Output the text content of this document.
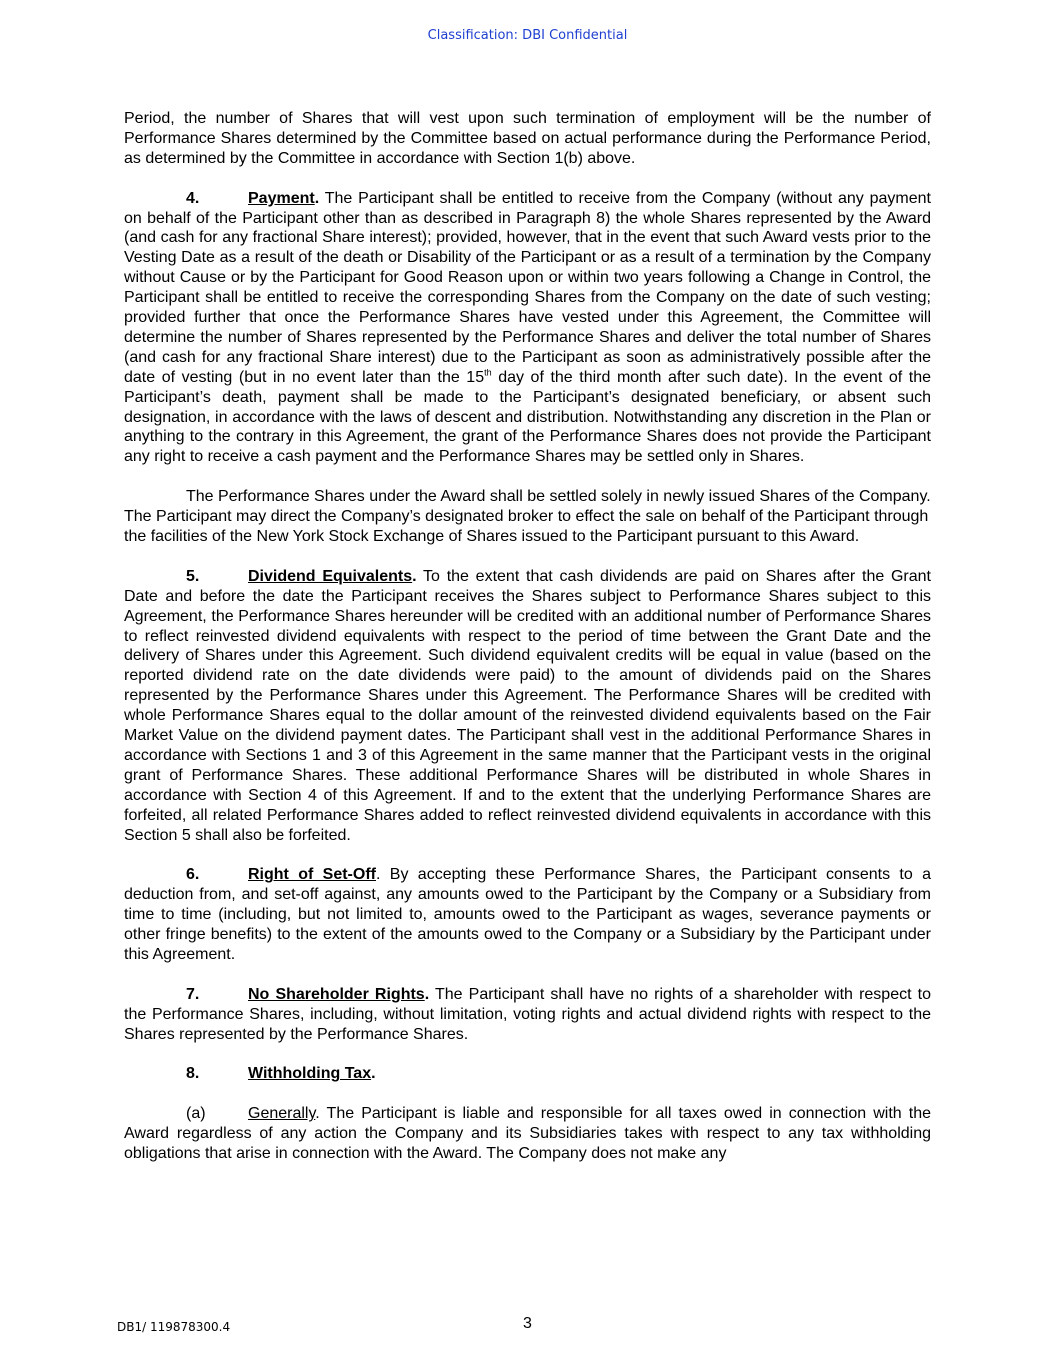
Classification: DBI Confidential

Period, the number of Shares that will vest upon such termination of employment will be the number of Performance Shares determined by the Committee based on actual performance during the Performance Period, as determined by the Committee in accordance with Section 1(b) above.

4.	Payment. The Participant shall be entitled to receive from the Company (without any payment on behalf of the Participant other than as described in Paragraph 8) the whole Shares represented by the Award (and cash for any fractional Share interest); provided, however, that in the event that such Award vests prior to the Vesting Date as a result of the death or Disability of the Participant or as a result of a termination by the Company without Cause or by the Participant for Good Reason upon or within two years following a Change in Control, the Participant shall be entitled to receive the corresponding Shares from the Company on the date of such vesting; provided further that once the Performance Shares have vested under this Agreement, the Committee will determine the number of Shares represented by the Performance Shares and deliver the total number of Shares (and cash for any fractional Share interest) due to the Participant as soon as administratively possible after the date of vesting (but in no event later than the 15th day of the third month after such date). In the event of the Participant’s death, payment shall be made to the Participant’s designated beneficiary, or absent such designation, in accordance with the laws of descent and distribution. Notwithstanding any discretion in the Plan or anything to the contrary in this Agreement, the grant of the Performance Shares does not provide the Participant any right to receive a cash payment and the Performance Shares may be settled only in Shares.

The Performance Shares under the Award shall be settled solely in newly issued Shares of the Company. The Participant may direct the Company’s designated broker to effect the sale on behalf of the Participant through the facilities of the New York Stock Exchange of Shares issued to the Participant pursuant to this Award.

5.	Dividend Equivalents. To the extent that cash dividends are paid on Shares after the Grant Date and before the date the Participant receives the Shares subject to Performance Shares subject to this Agreement, the Performance Shares hereunder will be credited with an additional number of Performance Shares to reflect reinvested dividend equivalents with respect to the period of time between the Grant Date and the delivery of Shares under this Agreement. Such dividend equivalent credits will be equal in value (based on the reported dividend rate on the date dividends were paid) to the amount of dividends paid on the Shares represented by the Performance Shares under this Agreement. The Performance Shares will be credited with whole Performance Shares equal to the dollar amount of the reinvested dividend equivalents based on the Fair Market Value on the dividend payment dates. The Participant shall vest in the additional Performance Shares in accordance with Sections 1 and 3 of this Agreement in the same manner that the Participant vests in the original grant of Performance Shares. These additional Performance Shares will be distributed in whole Shares in accordance with Section 4 of this Agreement. If and to the extent that the underlying Performance Shares are forfeited, all related Performance Shares added to reflect reinvested dividend equivalents in accordance with this Section 5 shall also be forfeited.

6.	Right of Set-Off. By accepting these Performance Shares, the Participant consents to a deduction from, and set-off against, any amounts owed to the Participant by the Company or a Subsidiary from time to time (including, but not limited to, amounts owed to the Participant as wages, severance payments or other fringe benefits) to the extent of the amounts owed to the Company or a Subsidiary by the Participant under this Agreement.

7.	No Shareholder Rights. The Participant shall have no rights of a shareholder with respect to the Performance Shares, including, without limitation, voting rights and actual dividend rights with respect to the Shares represented by the Performance Shares.

8.	Withholding Tax.

(a)	Generally. The Participant is liable and responsible for all taxes owed in connection with the Award regardless of any action the Company and its Subsidiaries takes with respect to any tax withholding obligations that arise in connection with the Award. The Company does not make any

DB1/ 119878300.4	3
